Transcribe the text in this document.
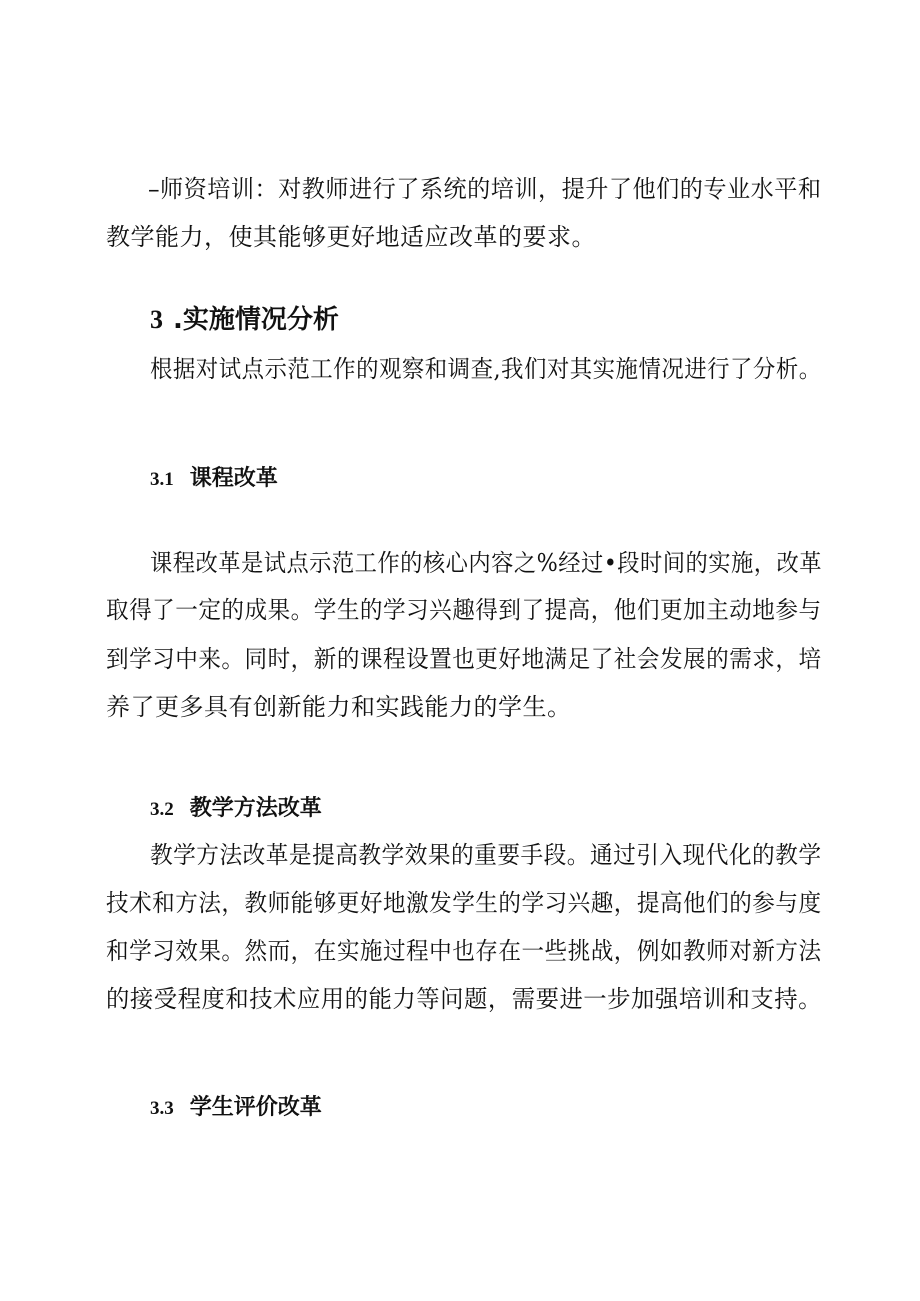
–师资培训：对教师进行了系统的培训，提升了他们的专业水平和
教学能力，使其能够更好地适应改革的要求。
3 .实施情况分析
根据对试点示范工作的观察和调查,我们对其实施情况进行了分析。
3.1 课程改革
课程改革是试点示范工作的核心内容之%经过•段时间的实施，改革
取得了一定的成果。学生的学习兴趣得到了提高，他们更加主动地参与
到学习中来。同时，新的课程设置也更好地满足了社会发展的需求，培
养了更多具有创新能力和实践能力的学生。
3.2 教学方法改革
教学方法改革是提高教学效果的重要手段。通过引入现代化的教学
技术和方法，教师能够更好地激发学生的学习兴趣，提高他们的参与度
和学习效果。然而，在实施过程中也存在一些挑战，例如教师对新方法
的接受程度和技术应用的能力等问题，需要进一步加强培训和支持。
3.3 学生评价改革
